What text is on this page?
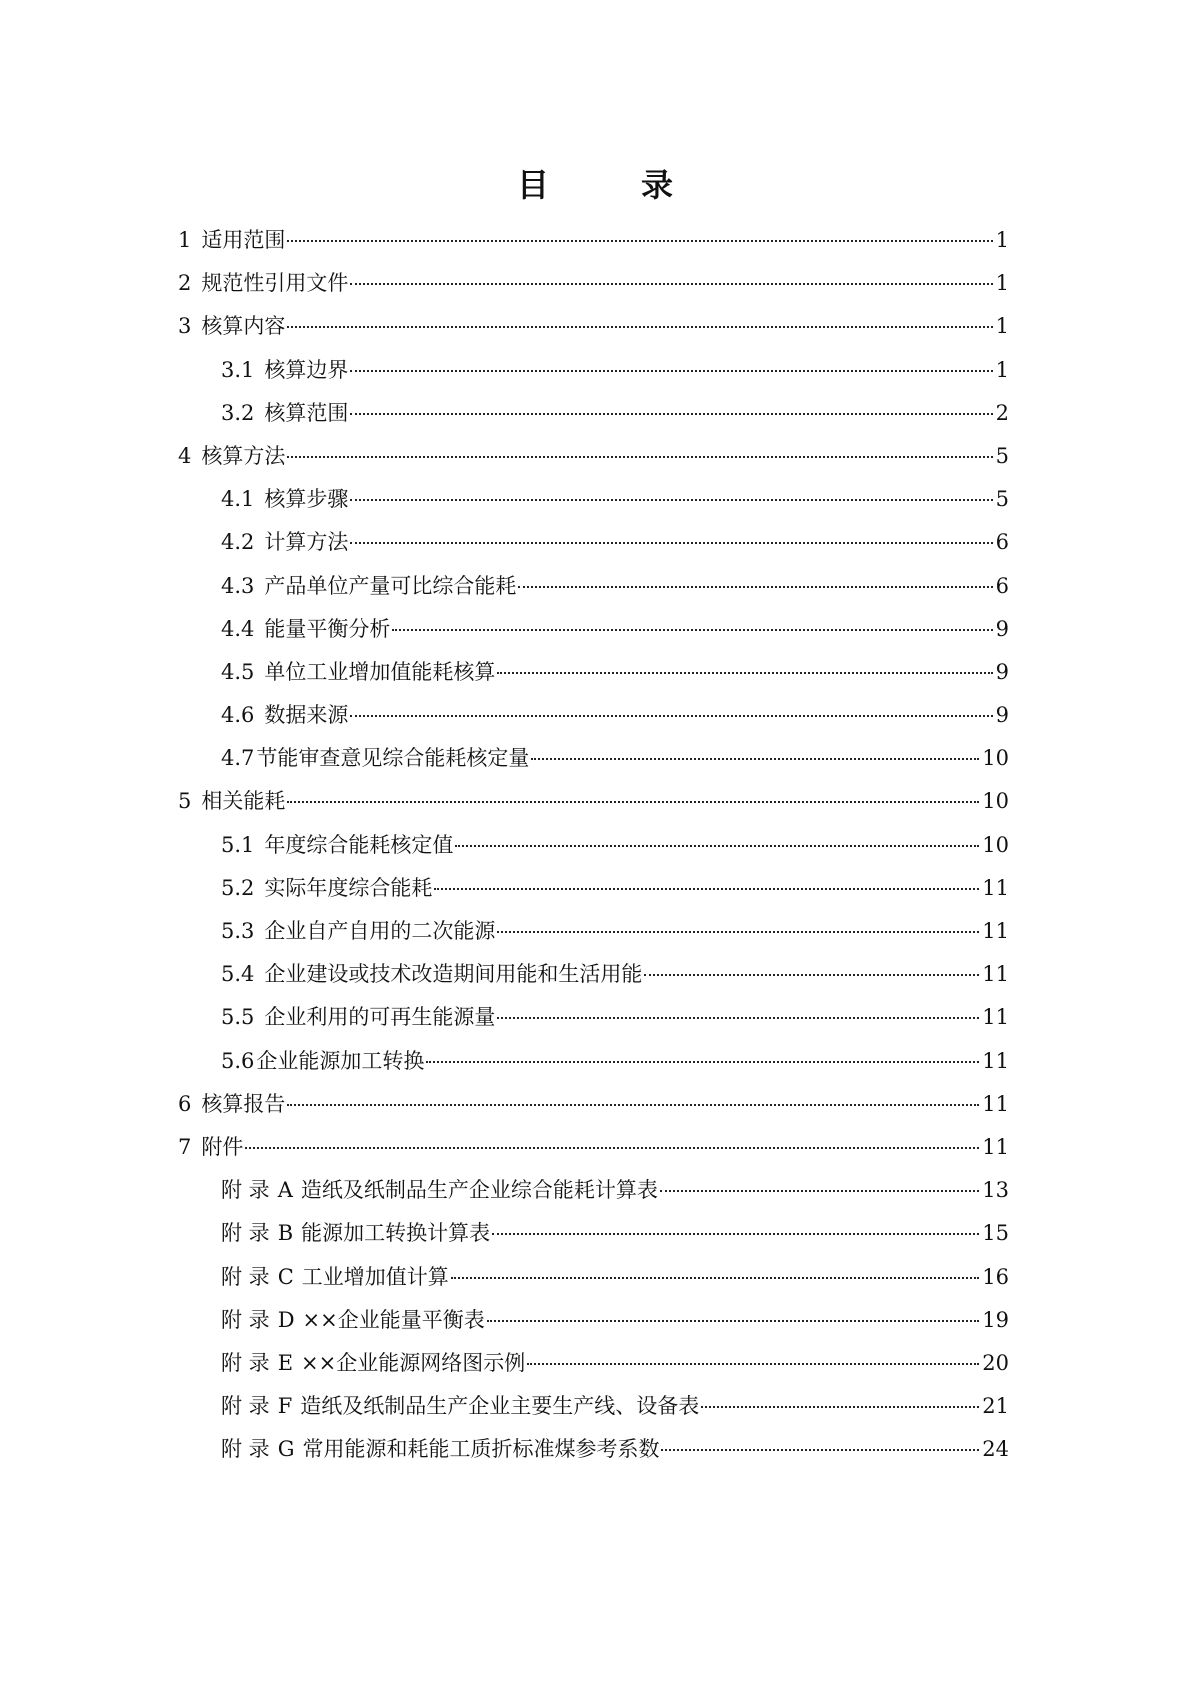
目　录
1 适用范围	1
2 规范性引用文件	1
3 核算内容	1
3.1 核算边界	1
3.2 核算范围	2
4 核算方法	5
4.1 核算步骤	5
4.2 计算方法	6
4.3 产品单位产量可比综合能耗	6
4.4 能量平衡分析	9
4.5 单位工业增加值能耗核算	9
4.6 数据来源	9
4.7节能审查意见综合能耗核定量	10
5 相关能耗	10
5.1 年度综合能耗核定值	10
5.2 实际年度综合能耗	11
5.3 企业自产自用的二次能源	11
5.4 企业建设或技术改造期间用能和生活用能	11
5.5 企业利用的可再生能源量	11
5.6企业能源加工转换	11
6 核算报告	11
7 附件	11
附 录 A 造纸及纸制品生产企业综合能耗计算表	13
附 录 B 能源加工转换计算表	15
附 录 C 工业增加值计算	16
附 录 D ××企业能量平衡表	19
附 录 E ××企业能源网络图示例	20
附 录 F 造纸及纸制品生产企业主要生产线、设备表	21
附 录 G 常用能源和耗能工质折标准煤参考系数	24
